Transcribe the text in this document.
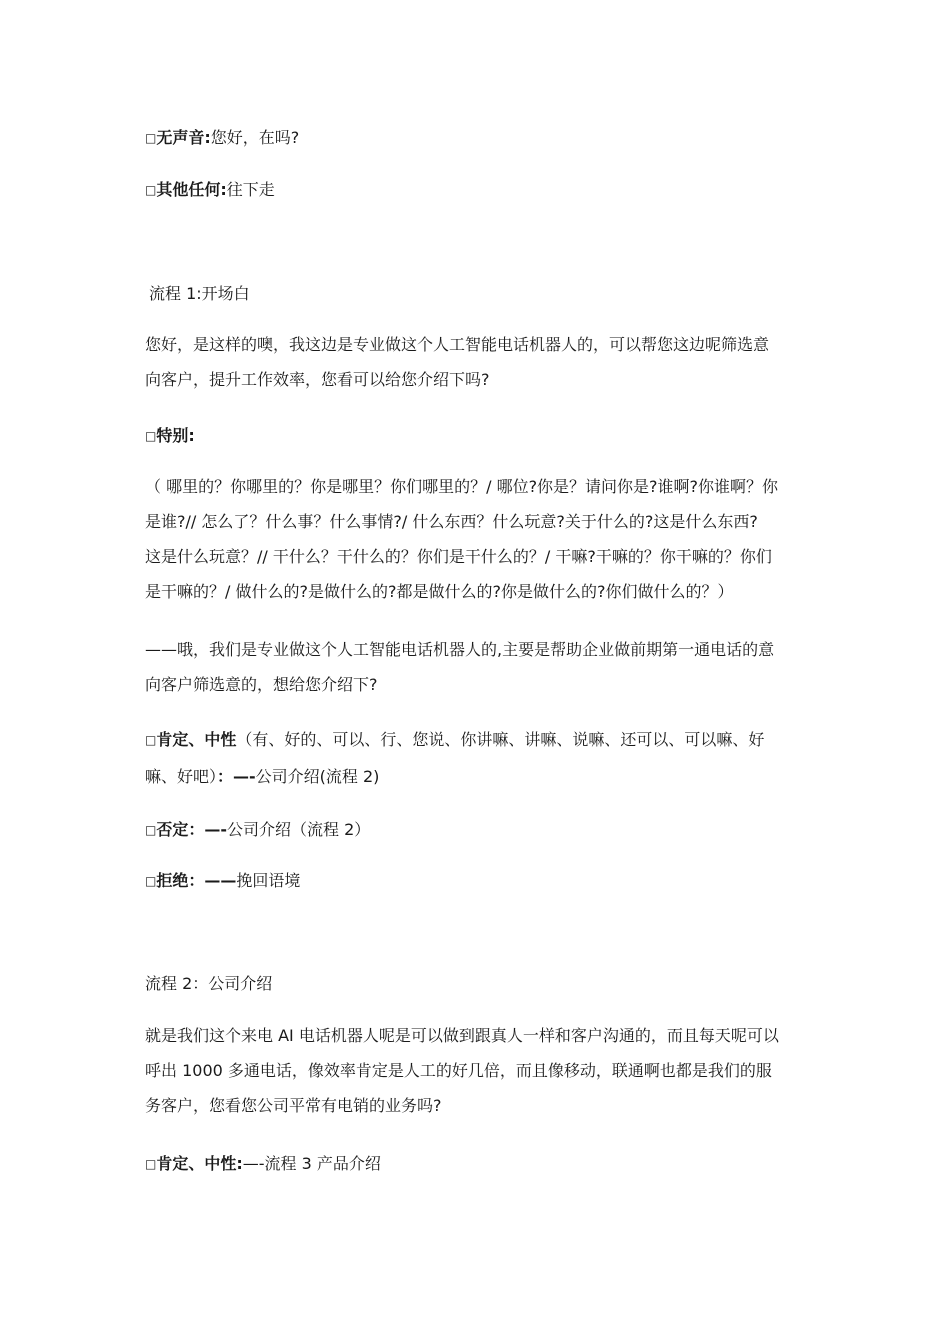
□无声音:您好，在吗?

□其他任何:往下走

流程 1:开场白

您好，是这样的噢，我这边是专业做这个人工智能电话机器人的，可以帮您这边呢筛选意
向客户，提升工作效率，您看可以给您介绍下吗?

□特别:

（ 哪里的？你哪里的？你是哪里？你们哪里的？/ 哪位?你是？请问你是?谁啊?你谁啊？你
是谁?// 怎么了？什么事？什么事情?/ 什么东西？什么玩意?关于什么的?这是什么东西?
这是什么玩意？// 干什么？干什么的？你们是干什么的？/ 干嘛?干嘛的？你干嘛的？你们
是干嘛的？/ 做什么的?是做什么的?都是做什么的?你是做什么的?你们做什么的？）

——哦，我们是专业做这个人工智能电话机器人的,主要是帮助企业做前期第一通电话的意
向客户筛选意的，想给您介绍下?

□肯定、中性（有、好的、可以、行、您说、你讲嘛、讲嘛、说嘛、还可以、可以嘛、好
嘛、好吧）：—-公司介绍(流程 2)

□否定：—-公司介绍（流程 2）

□拒绝：——挽回语境

流程 2：公司介绍

就是我们这个来电 AI 电话机器人呢是可以做到跟真人一样和客户沟通的，而且每天呢可以
呼出 1000 多通电话，像效率肯定是人工的好几倍，而且像移动，联通啊也都是我们的服
务客户，您看您公司平常有电销的业务吗?

□肯定、中性:—-流程 3 产品介绍
